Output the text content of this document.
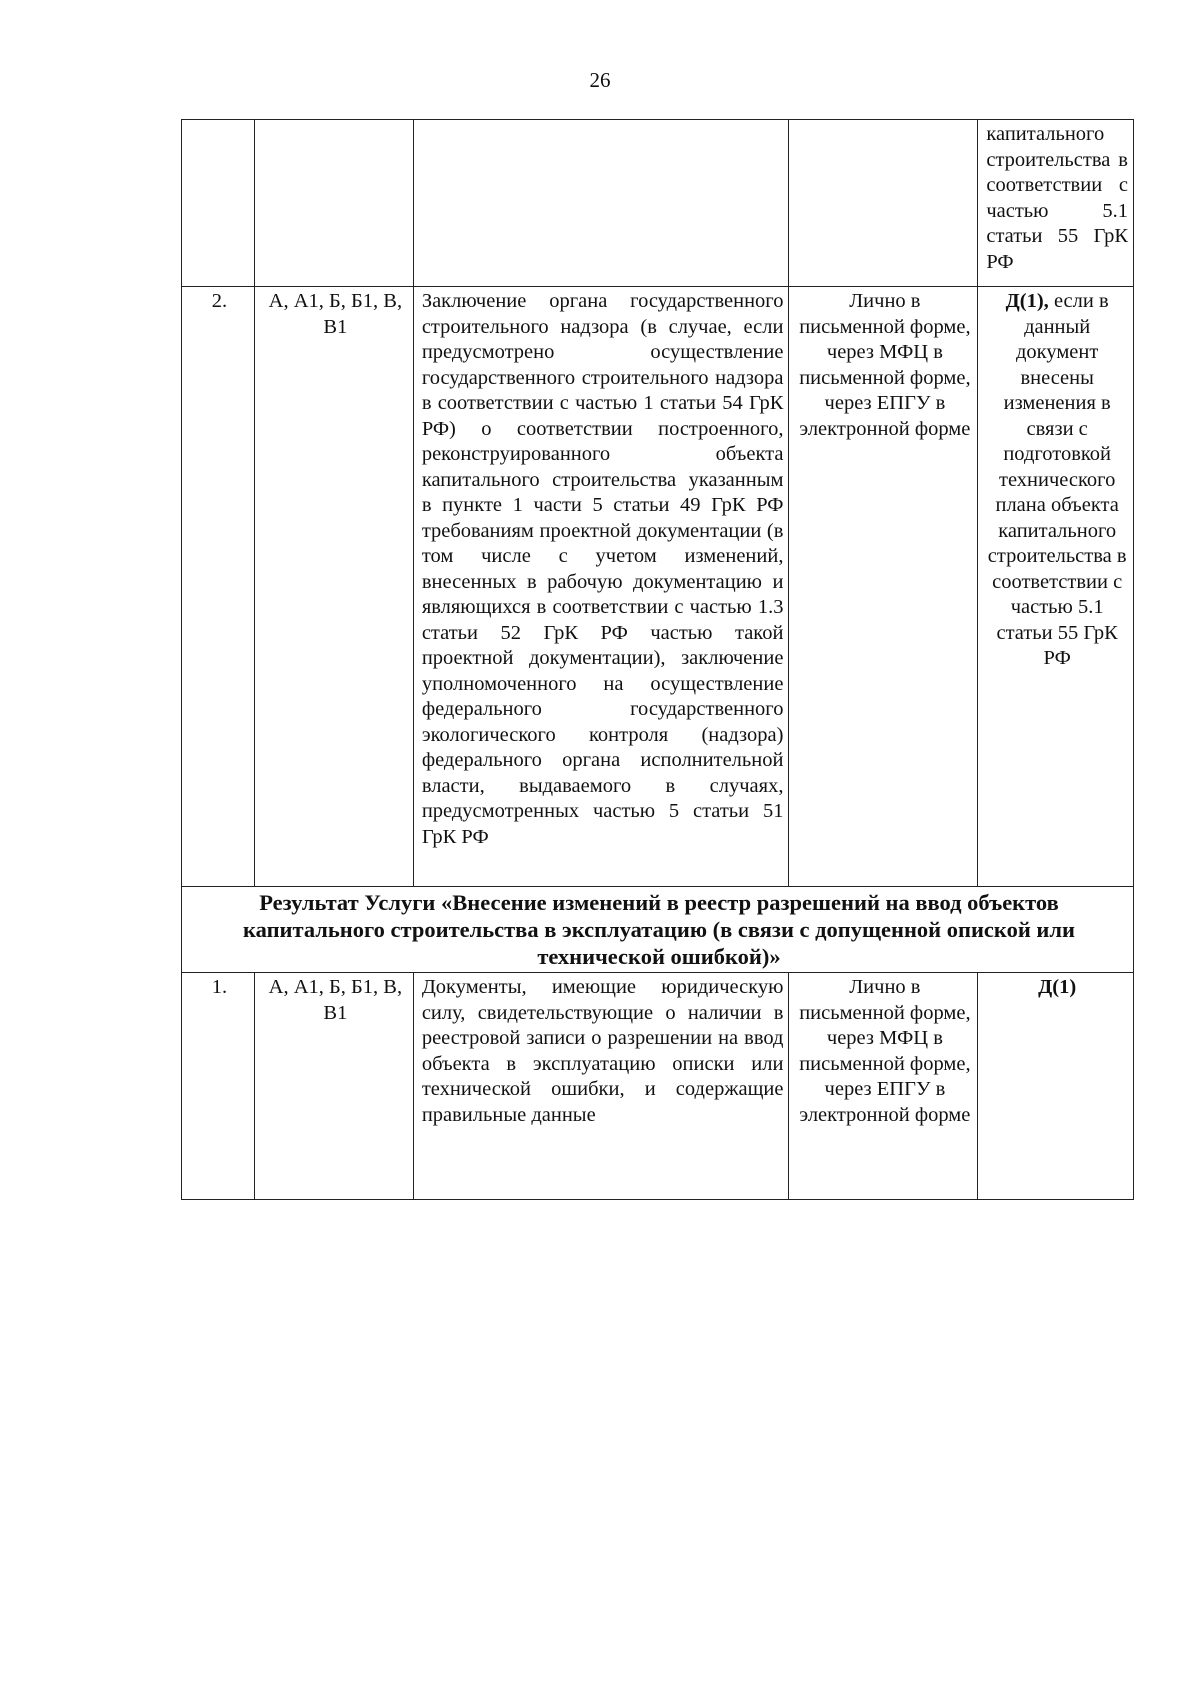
26
				капитального строительства в соответствии с частью 5.1 статьи 55 ГрК РФ
2.	А, А1, Б, Б1, В, В1	Заключение органа государственного строительного надзора (в случае, если предусмотрено осуществление государственного строительного надзора в соответствии с частью 1 статьи 54 ГрК РФ) о соответствии построенного, реконструированного объекта капитального строительства указанным в пункте 1 части 5 статьи 49 ГрК РФ требованиям проектной документации (в том числе с учетом изменений, внесенных в рабочую документацию и являющихся в соответствии с частью 1.3 статьи 52 ГрК РФ частью такой проектной документации), заключение уполномоченного на осуществление федерального государственного экологического контроля (надзора) федерального органа исполнительной власти, выдаваемого в случаях, предусмотренных частью 5 статьи 51 ГрК РФ	Лично в письменной форме, через МФЦ в письменной форме, через ЕПГУ в электронной форме	Д(1), если в данный документ внесены изменения в связи с подготовкой технического плана объекта капитального строительства в соответствии с частью 5.1 статьи 55 ГрК РФ
Результат Услуги «Внесение изменений в реестр разрешений на ввод объектов капитального строительства в эксплуатацию (в связи с допущенной опиской или технической ошибкой)»				
1.	А, А1, Б, Б1, В, В1	Документы, имеющие юридическую силу, свидетельствующие о наличии в реестровой записи о разрешении на ввод объекта в эксплуатацию описки или технической ошибки, и содержащие правильные данные	Лично в письменной форме, через МФЦ в письменной форме, через ЕПГУ в электронной форме	Д(1)
